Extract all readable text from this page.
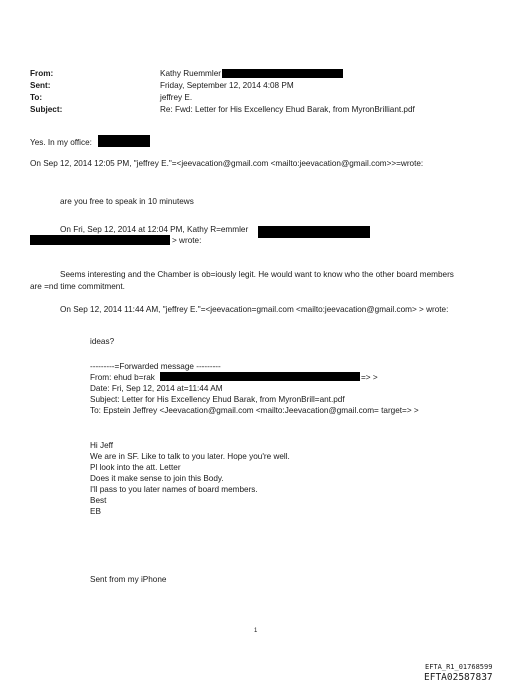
From:	Kathy Ruemmler
Sent:	Friday, September 12, 2014 4:08 PM
To:	jeffrey E.
Subject:	Re: Fwd: Letter for His Excellency Ehud Barak, from MyronBrilliant.pdf
Yes. In my office:
On Sep 12, 2014 12:05 PM, "jeffrey E."=<jeevacation@gmail.com <mailto:jeevacation@gmail.com>>=wrote:
are you free to speak in 10 minutews
On Fri, Sep 12, 2014 at 12:04 PM, Kathy R=emmler
> wrote:
Seems interesting and the Chamber is ob=iously legit. He would want to know who the other board members
are =nd time commitment.
On Sep 12, 2014 11:44 AM, "jeffrey E."=<jeevacation=gmail.com <mailto:jeevacation@gmail.com> > wrote:
ideas?
---------=Forwarded message ---------
From: ehud b=rak	=> >
Date: Fri, Sep 12, 2014 at=11:44 AM
Subject: Letter for His Excellency Ehud Barak, from MyronBrill=ant.pdf
To: Epstein Jeffrey <Jeevacation@gmail.com <mailto:Jeevacation@gmail.com= target=> >
Hi Jeff
We are in SF. Like to talk to you later. Hope you're well.
Pl look into the att. Letter
Does it make sense to join this Body.
I'll pass to you later names of board members.
Best
EB
Sent from my iPhone
1
EFTA_R1_01768599
EFTA02587837
